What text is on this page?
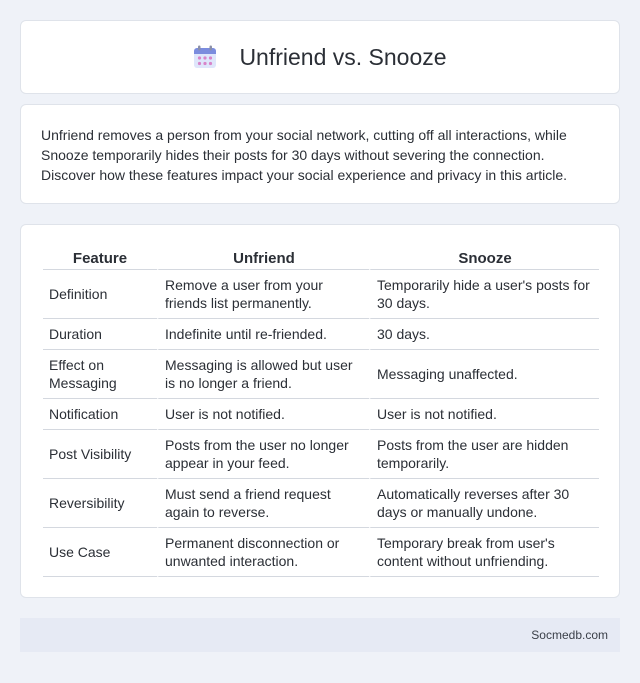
Unfriend vs. Snooze

Unfriend removes a person from your social network, cutting off all interactions, while Snooze temporarily hides their posts for 30 days without severing the connection. Discover how these features impact your social experience and privacy in this article.

Feature	Unfriend	Snooze
Definition	Remove a user from your friends list permanently.	Temporarily hide a user's posts for 30 days.
Duration	Indefinite until re-friended.	30 days.
Effect on Messaging	Messaging is allowed but user is no longer a friend.	Messaging unaffected.
Notification	User is not notified.	User is not notified.
Post Visibility	Posts from the user no longer appear in your feed.	Posts from the user are hidden temporarily.
Reversibility	Must send a friend request again to reverse.	Automatically reverses after 30 days or manually undone.
Use Case	Permanent disconnection or unwanted interaction.	Temporary break from user's content without unfriending.
Socmedb.com
